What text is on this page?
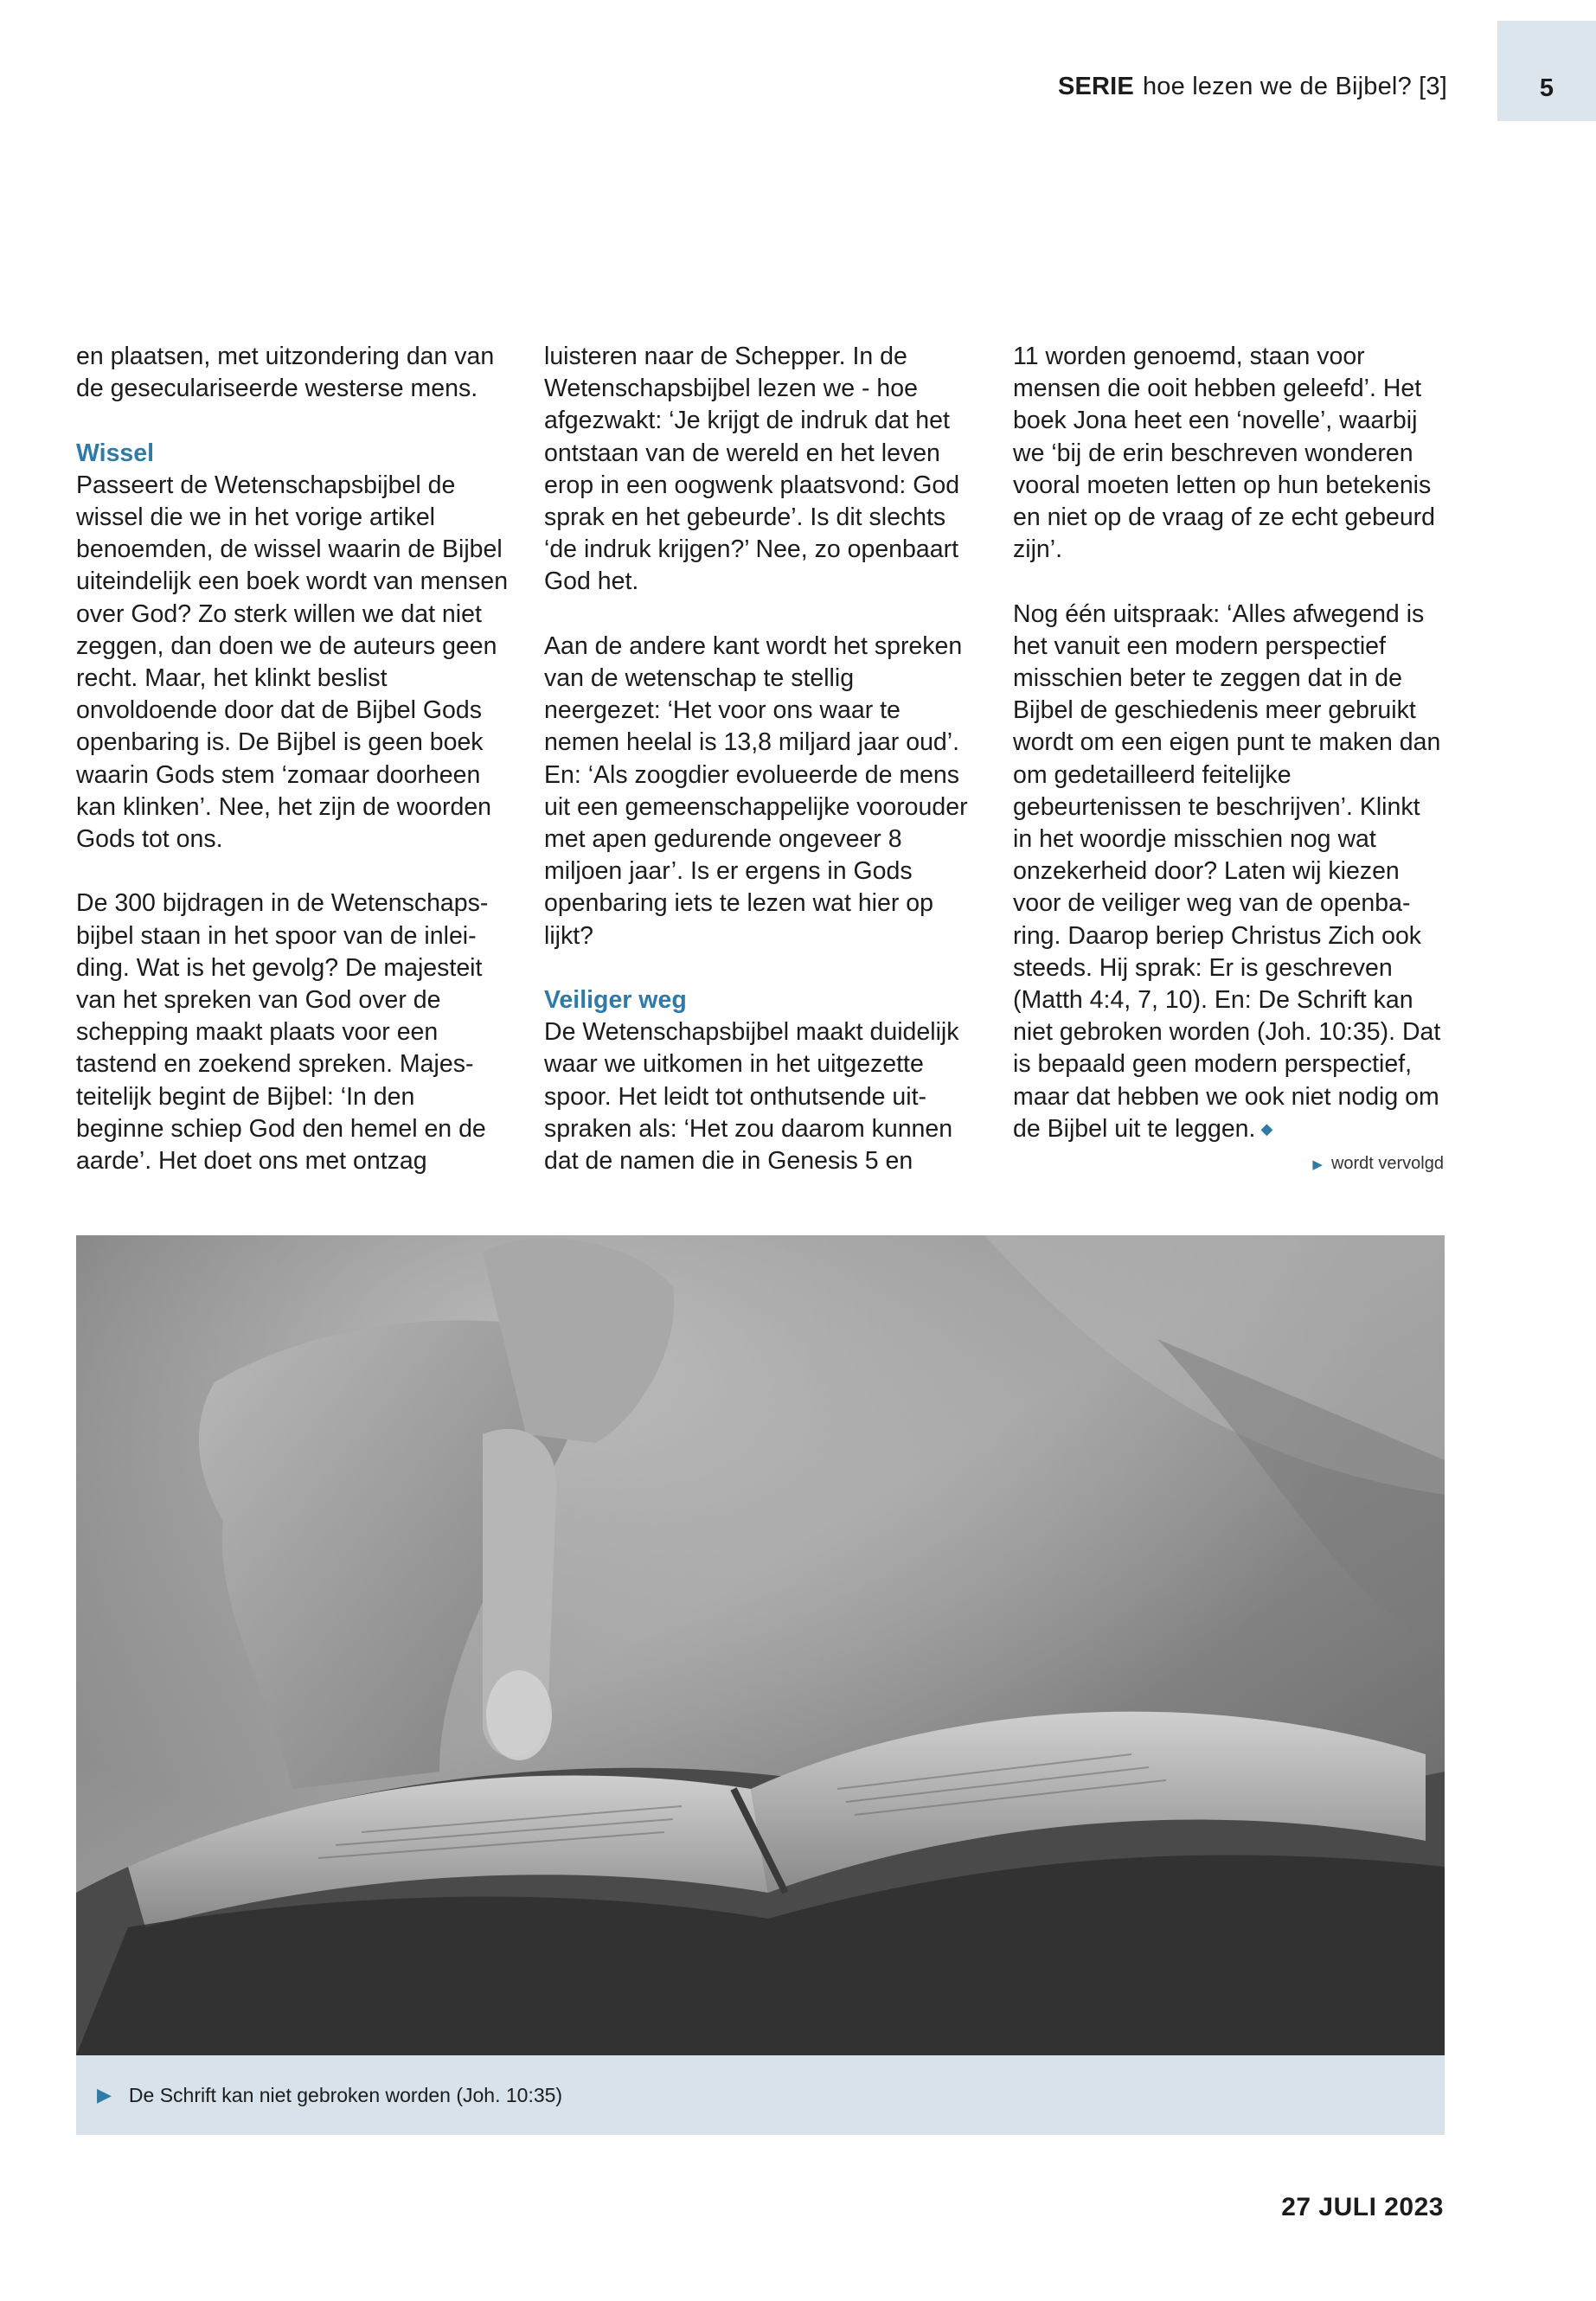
SERIE hoe lezen we de Bijbel? [3]	5

en plaatsen, met uitzondering dan van de geseculariseerde westerse mens.

Wissel

Passeert de Wetenschapsbijbel de wissel die we in het vorige artikel benoemden, de wissel waarin de Bijbel uiteindelijk een boek wordt van mensen over God? Zo sterk willen we dat niet zeggen, dan doen we de auteurs geen recht. Maar, het klinkt beslist onvoldoende door dat de Bijbel Gods openbaring is. De Bijbel is geen boek waarin Gods stem ‘zomaar doorheen kan klinken’. Nee, het zijn de woorden Gods tot ons.

De 300 bijdragen in de Wetenschapsbijbel staan in het spoor van de inleiding. Wat is het gevolg? De majesteit van het spreken van God over de schepping maakt plaats voor een tastend en zoekend spreken. Majesteitelijk begint de Bijbel: ‘In den beginne schiep God den hemel en de aarde’. Het doet ons met ontzag

luisteren naar de Schepper. In de Wetenschapsbijbel lezen we - hoe afgezwakt: ‘Je krijgt de indruk dat het ontstaan van de wereld en het leven erop in een oogwenk plaatsvond: God sprak en het gebeurde’. Is dit slechts ‘de indruk krijgen?’ Nee, zo openbaart God het.

Aan de andere kant wordt het spreken van de wetenschap te stellig neergezet: ‘Het voor ons waar te nemen heelal is 13,8 miljard jaar oud’. En: ‘Als zoogdier evolueerde de mens uit een gemeenschappelijke voorouder met apen gedurende ongeveer 8 miljoen jaar’. Is er ergens in Gods openbaring iets te lezen wat hier op lijkt?

Veiliger weg

De Wetenschapsbijbel maakt duidelijk waar we uitkomen in het uitgezette spoor. Het leidt tot onthutsende uitspraken als: ‘Het zou daarom kunnen dat de namen die in Genesis 5 en

11 worden genoemd, staan voor mensen die ooit hebben geleefd’. Het boek Jona heet een ‘novelle’, waarbij we ‘bij de erin beschreven wonderen vooral moeten letten op hun betekenis en niet op de vraag of ze echt gebeurd zijn’.

Nog één uitspraak: ‘Alles afwegend is het vanuit een modern perspectief misschien beter te zeggen dat in de Bijbel de geschiedenis meer gebruikt wordt om een eigen punt te maken dan om gedetailleerd feitelijke gebeurtenissen te beschrijven’. Klinkt in het woordje misschien nog wat onzekerheid door? Laten wij kiezen voor de veiliger weg van de openbaring. Daarop beriep Christus Zich ook steeds. Hij sprak: Er is geschreven (Matth 4:4, 7, 10). En: De Schrift kan niet gebroken worden (Joh. 10:35). Dat is bepaald geen modern perspectief, maar dat hebben we ook niet nodig om de Bijbel uit te leggen. ◆

▶ wordt vervolgd
▶ De Schrift kan niet gebroken worden (Joh. 10:35)
27 JULI 2023
